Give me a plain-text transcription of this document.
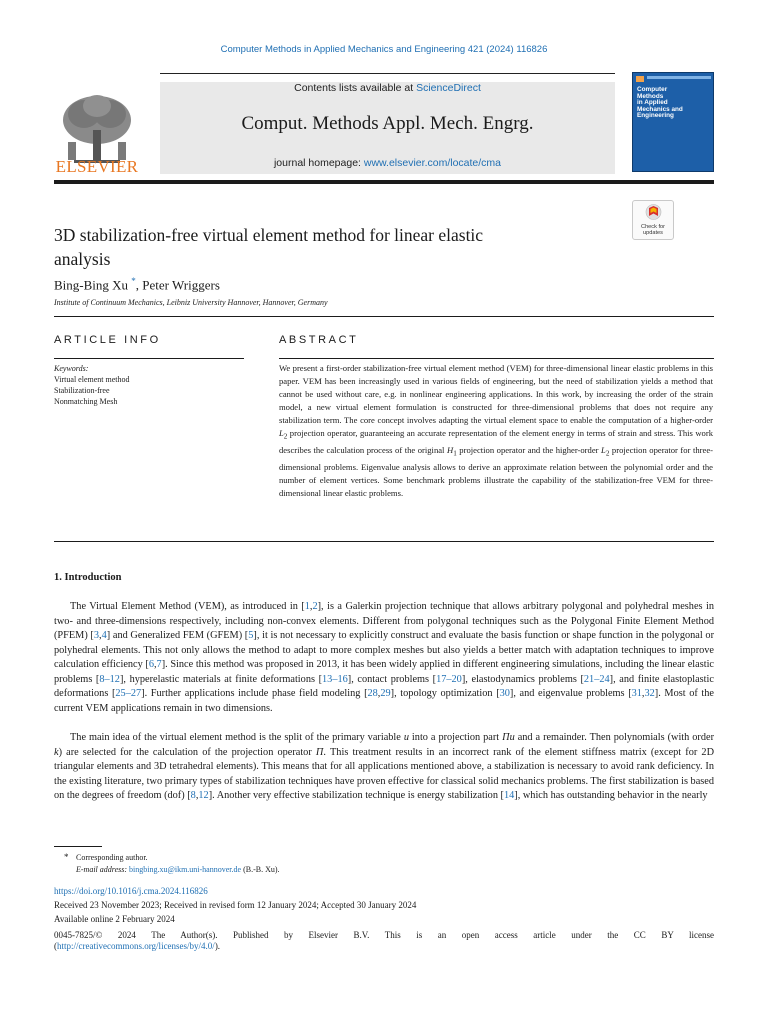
Computer Methods in Applied Mechanics and Engineering 421 (2024) 116826
ELSEVIER
Contents lists available at ScienceDirect
Comput. Methods Appl. Mech. Engrg.
journal homepage: www.elsevier.com/locate/cma
Computer
Methods
in Applied
Mechanics and
Engineering
Check for
updates
3D stabilization-free virtual element method for linear elastic
analysis
Bing-Bing Xu *, Peter Wriggers
Institute of Continuum Mechanics, Leibniz University Hannover, Hannover, Germany
ARTICLE INFO	ABSTRACT
Keywords:
Virtual element method
Stabilization-free
Nonmatching Mesh
We present a first-order stabilization-free virtual element method (VEM) for three-dimensional linear elastic problems in this paper. VEM has been increasingly used in various fields of engineering, but the need of stabilization yields a method that cannot be used without care, e.g. in nonlinear engineering applications. In this work, by increasing the order of the strain model, a new virtual element formulation is constructed for three-dimensional problems that does not require any stabilization term. The core concept involves adapting the virtual element space to enable the computation of a higher-order $L_2$ projection operator, guaranteeing an accurate representation of the element energy in terms of strain and stress. This work describes the calculation process of the original $H_1$ projection operator and the higher-order $L_2$ projection operator for three-dimensional problems. Eigenvalue analysis allows to derive an approximate relation between the polynomial order and the number of element vertices. Some benchmark problems illustrate the capability of the stabilization-free VEM for three-dimensional linear elastic problems.
1. Introduction
The Virtual Element Method (VEM), as introduced in [1,2], is a Galerkin projection technique that allows arbitrary polygonal and polyhedral meshes in two- and three-dimensions respectively, including non-convex elements. Different from polygonal techniques such as the Polygonal Finite Element Method (PFEM) [3,4] and Generalized FEM (GFEM) [5], it is not necessary to explicitly construct and evaluate the basis function or shape function in the polygonal or polyhedral elements. This not only allows the method to adapt to more complex meshes but also yields a better match with adaptation techniques to improve calculation efficiency [6,7]. Since this method was proposed in 2013, it has been widely applied in different engineering simulations, including the linear elastic problems [8–12], hyperelastic materials at finite deformations [13–16], contact problems [17–20], elastodynamics problems [21–24], and finite elastoplastic deformations [25–27]. Further applications include phase field modeling [28,29], topology optimization [30], and eigenvalue problems [31,32]. Most of the current VEM applications remain in two dimensions.
The main idea of the virtual element method is the split of the primary variable u into a projection part Πu and a remainder. Then polynomials (with order k) are selected for the calculation of the projection operator Π. This treatment results in an incorrect rank of the element stiffness matrix (except for 2D triangular elements and 3D tetrahedral elements). This means that for all applications mentioned above, a stabilization is necessary to avoid rank deficiency. In the existing literature, two primary types of stabilization techniques have proven effective for classical solid mechanics problems. The first stabilization is based on the degrees of freedom (dof) [8,12]. Another very effective stabilization technique is energy stabilization [14], which has outstanding behavior in the nearly
* Corresponding author.
E-mail address: bingbing.xu@ikm.uni-hannover.de (B.-B. Xu).
https://doi.org/10.1016/j.cma.2024.116826
Received 23 November 2023; Received in revised form 12 January 2024; Accepted 30 January 2024
Available online 2 February 2024
0045-7825/© 2024 The Author(s). Published by Elsevier B.V. This is an open access article under the CC BY license
(http://creativecommons.org/licenses/by/4.0/).
